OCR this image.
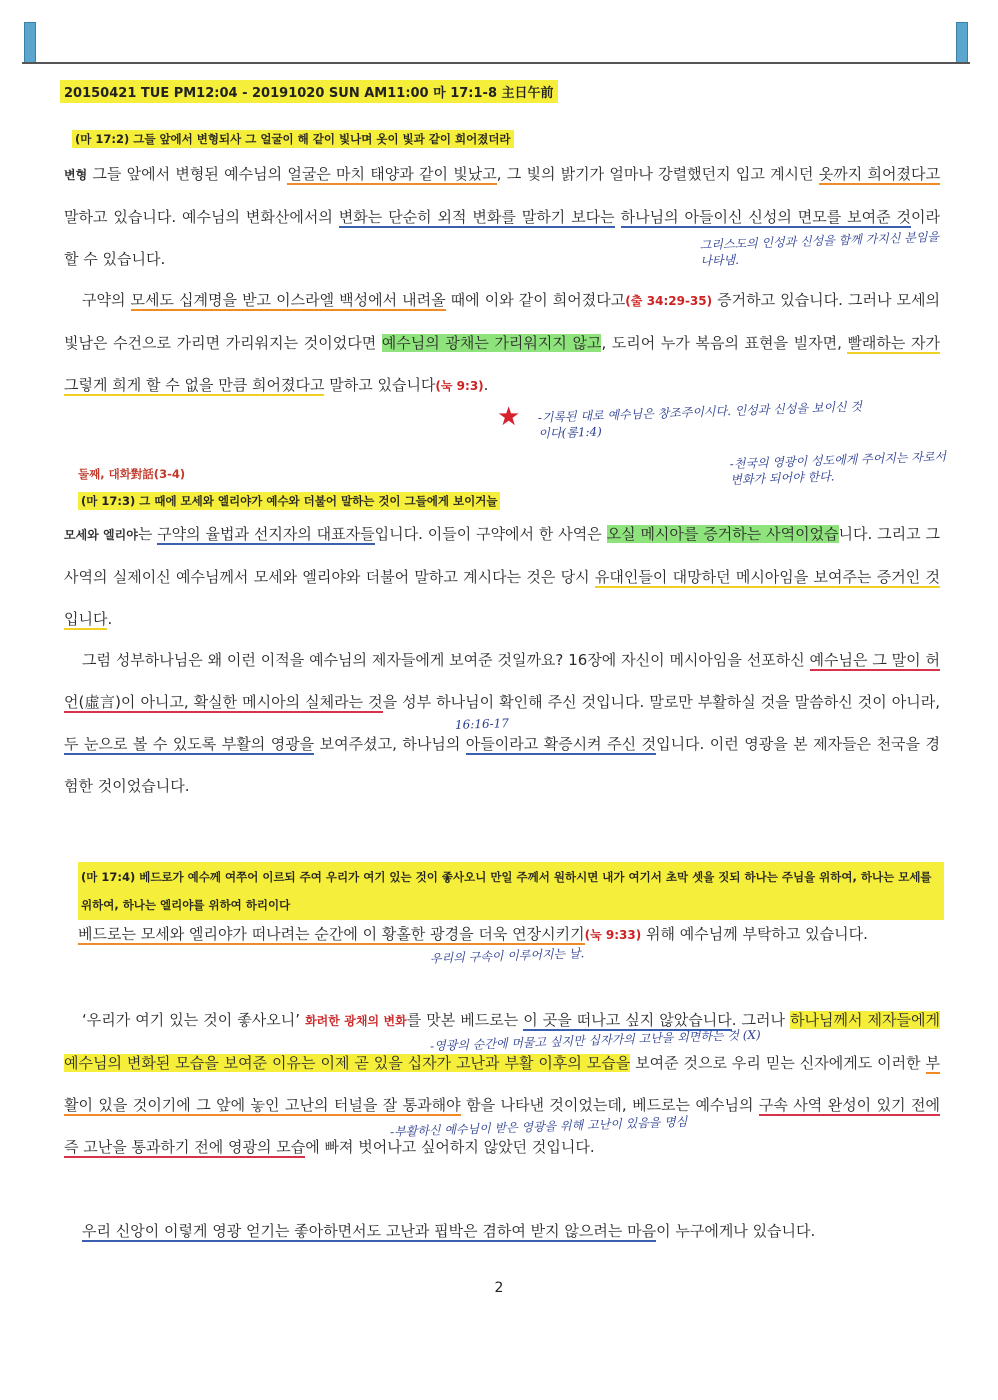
20150421 TUE PM12:04 - 20191020 SUN AM11:00 마 17:1-8 主日午前
(마 17:2) 그들 앞에서 변형되사 그 얼굴이 해 같이 빛나며 옷이 빛과 같이 희어졌더라
변형 그들 앞에서 변형된 예수님의 얼굴은 마치 태양과 같이 빛났고, 그 빛의 밝기가 얼마나 강렬했던지 입고 계시던 옷까지 희어졌다고 말하고 있습니다. 예수님의 변화산에서의 변화는 단순히 외적 변화를 말하기 보다는 하나님의 아들이신 신성의 면모를 보여준 것이라 할 수 있습니다.
구약의 모세도 십계명을 받고 이스라엘 백성에서 내려올 때에 이와 같이 희어졌다고(출 34:29-35) 증거하고 있습니다. 그러나 모세의 빛남은 수건으로 가리면 가리워지는 것이었다면 예수님의 광채는 가리워지지 않고, 도리어 누가 복음의 표현을 빌자면, 빨래하는 자가 그렇게 희게 할 수 없을 만큼 희어졌다고 말하고 있습니다(눅 9:3).
★ -기록된 대로 예수님은 창조주이시다. 인성과 신성을 보이신 것이다(롬1:4)
-천국의 영광이 성도에게 주어지는 자로서 변화가 되어야 한다.
그리스도의 인성과 신성을 함께 가지신 분임을 나타냄.
둘째, 대화對話(3-4)
(마 17:3) 그 때에 모세와 엘리야가 예수와 더불어 말하는 것이 그들에게 보이거늘
모세와 엘리야는 구약의 율법과 선지자의 대표자들입니다. 이들이 구약에서 한 사역은 오실 메시아를 증거하는 사역이었습니다. 그리고 그 사역의 실제이신 예수님께서 모세와 엘리야와 더불어 말하고 계시다는 것은 당시 유대인들이 대망하던 메시아임을 보여주는 증거인 것입니다.
그럼 성부하나님은 왜 이런 이적을 예수님의 제자들에게 보여준 것일까요? 16장에 자신이 메시아임을 선포하신 예수님은 그 말이 허언(虛言)이 아니고, 확실한 메시아의 실체라는 것을 성부 하나님이 확인해 주신 것입니다. 말로만 부활하실 것을 말씀하신 것이 아니라, 두 눈으로 볼 수 있도록 부활의 영광을 보여주셨고, 하나님의 아들이라고 확증시켜 주신 것입니다. 이런 영광을 본 제자들은 천국을 경험한 것이었습니다.
16:16-17
(마 17:4) 베드로가 예수께 여쭈어 이르되 주여 우리가 여기 있는 것이 좋사오니 만일 주께서 원하시면 내가 여기서 초막 셋을 짓되 하나는 주님을 위하여, 하나는 모세를 위하여, 하나는 엘리야를 위하여 하리이다
베드로는 모세와 엘리야가 떠나려는 순간에 이 황홀한 광경을 더욱 연장시키기(눅 9:33) 위해 예수님께 부탁하고 있습니다.
우리의 구속이 이루어지는 날.
‘우리가 여기 있는 것이 좋사오니’ 화려한 광채의 변화를 맛본 베드로는 이 곳을 떠나고 싶지 않았습니다. 그러나 하나님께서 제자들에게 예수님의 변화된 모습을 보여준 이유는 이제 곧 있을 십자가 고난과 부활 이후의 모습을 보여준 것으로 우리 믿는 신자에게도 이러한 부활이 있을 것이기에 그 앞에 놓인 고난의 터널을 잘 통과해야 함을 나타낸 것이었는데, 베드로는 예수님의 구속 사역 완성이 있기 전에 즉 고난을 통과하기 전에 영광의 모습에 빠져 벗어나고 싶어하지 않았던 것입니다.
-영광의 순간에 머물고 싶지만 십자가의 고난을 외면하는 것 (X)
-부활하신 예수님이 받은 영광을 위해 고난이 있음을 명심
우리 신앙이 이렇게 영광 얻기는 좋아하면서도 고난과 핍박은 겸하여 받지 않으려는 마음이 누구에게나 있습니다.
2
